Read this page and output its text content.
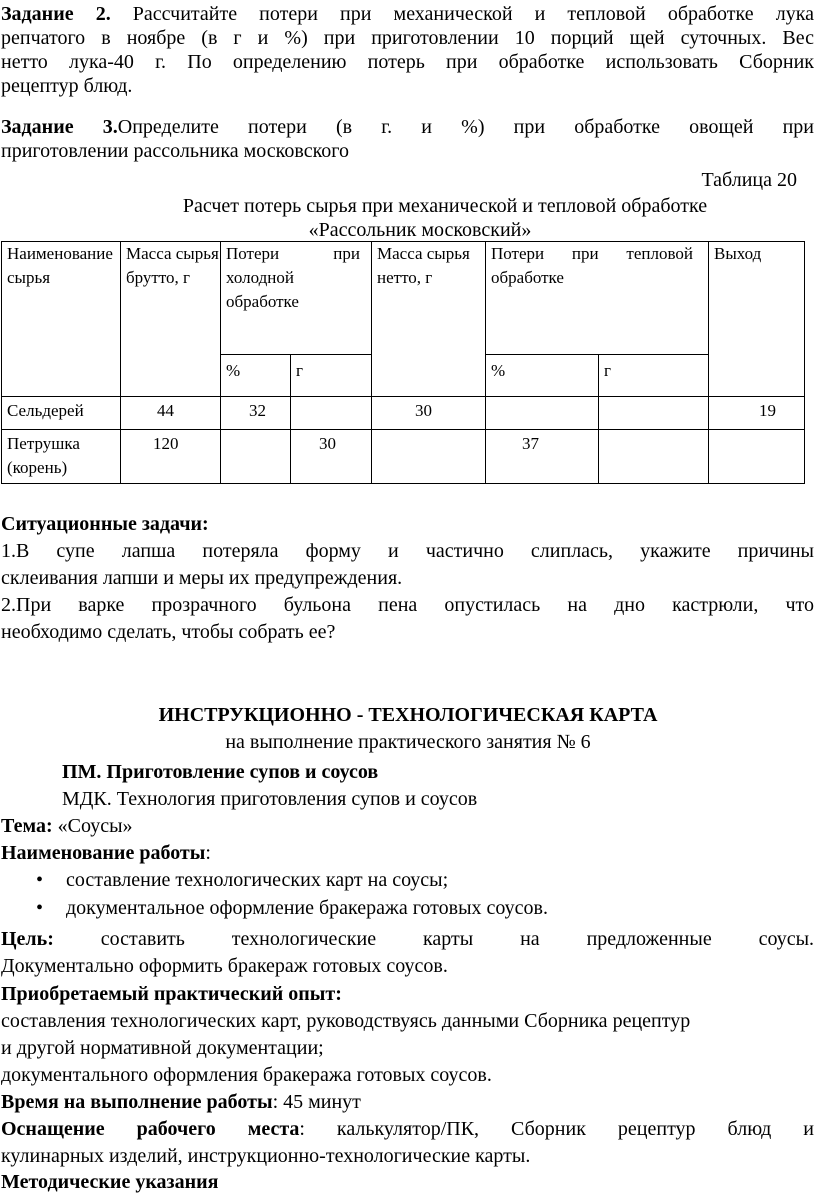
Задание 2. Рассчитайте потери при механической и тепловой обработке лука

репчатого в ноябре (в г и %) при приготовлении 10 порций щей суточных. Вес

нетто лука-40 г. По определению потерь при обработке использовать Сборник

рецептур блюд.

Задание 3.Определите потери (в г. и %) при обработке овощей при

приготовлении рассольника московского

Таблица 20

Расчет потерь сырья при механической и тепловой обработке

«Рассольник московский»

Наименование сырья	Масса сырья брутто, г	Потери при холодной обработке		Масса сырья нетто, г	Потери при тепловой обработке		Выход
		%	г		%	г	
Сельдерей	44	32		30			19
Петрушка (корень)	120		30		37		

Ситуационные задачи:

1.В супе лапша потеряла форму и частично слиплась, укажите причины

склеивания лапши и меры их предупреждения.

2.При варке прозрачного бульона пена опустилась на дно кастрюли, что

необходимо сделать, чтобы собрать ее?

ИНСТРУКЦИОННО - ТЕХНОЛОГИЧЕСКАЯ КАРТА

на выполнение практического занятия № 6

ПМ. Приготовление супов и соусов

МДК. Технология приготовления супов и соусов

Тема: «Соусы»

Наименование работы:

• составление технологических карт на соусы;
• документальное оформление бракеража готовых соусов.

Цель: составить технологические карты на предложенные соусы.

Документально оформить бракераж готовых соусов.

Приобретаемый практический опыт:

составления технологических карт, руководствуясь данными Сборника рецептур

и другой нормативной документации;

документального оформления бракеража готовых соусов.

Время на выполнение работы: 45 минут

Оснащение рабочего места: калькулятор/ПК, Сборник рецептур блюд и

кулинарных изделий, инструкционно-технологические карты.

Методические указания
